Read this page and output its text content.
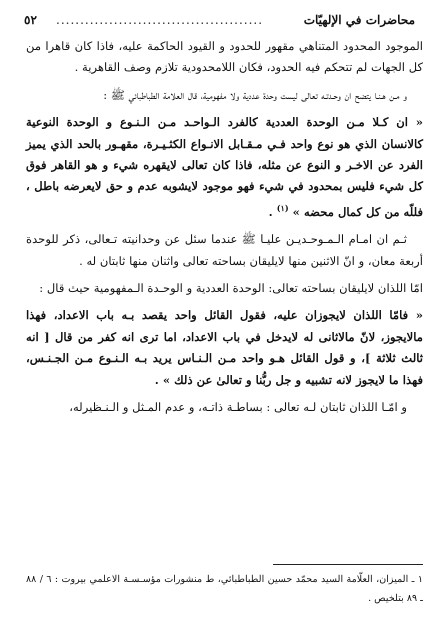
٥٢	...........................................	محاضرات في الإلهيّات

الموجود المحدود المتناهي مقهور للحدود و القيود الحاكمة عليه، فاذا كان قاهرا من كل الجهات لم تتحكم فيه الحدود، فكان اللامحدودية تلازم وصف القاهرية .

و مـن هـنـا يتضح ان وحـدتـه تعالى ليست وحدة عددية ولا مفهومية، قال العلامة الطباطبائي ﷺ :

« ان كـلا مـن الوحدة العددية كالفرد الـواحـد مـن الـنـوع و الوحدة النوعية كالانسان الذي هو نوع واحد فـي مـقـابل الانـواع الكثـيـرة، مقهـور بالحد الذي يميز الفرد عن الاخـر و النوع عن مثله، فاذا كان تعالى لايقهره شيء و هو القاهر فوق كل شيء فليس بمحدود في شيء فهو موجود لايشوبه عدم و حق لايعرضه باطل ، فللّه من كل كمال محضه » $^{(١)}$ .

ثـم ان امـام الـمـوحـديـن عليـا ﷺ عندما سئل عن وحدانيته تـعالى، ذكر للوحدة أربعة معان، و انّ الاثنين منها لايليقان بساحته تعالى واثنان منها ثابتان له .

امّا اللذان لايليقان بساحته تعالى: الوحدة العددية و الوحـدة الـمفهومية حيث قال :

« فامّا اللذان لايجوزان عليه، فقول القائل واحد يقصد بـه باب الاعداد، فهذا مالايجوز، لانّ مالاثانی له لايدخل في باب الاعداد، اما ترى انه كفر من قال [ انه ثالث ثلاثة ]، و قول القائل هـو واحد مـن الـنـاس يريد بـه الـنـوع مـن الجـنـس، فهذا ما لايجوز لانه تشبيه و جل ربُّنا و تعالىٰ عن ذلك » .

و امّـا اللذان ثابتان لـه تعالى : بساطـة ذاتـه، و عدم المـثل و الـنـظيرله،

١ ـ الميزان، العلّامة السيد محمّد حسين الطباطبائي، ط منشورات مؤسـسـة الاعلمي بيروت : ٦ / ٨٨ ـ ٨٩ بتلخيص .
